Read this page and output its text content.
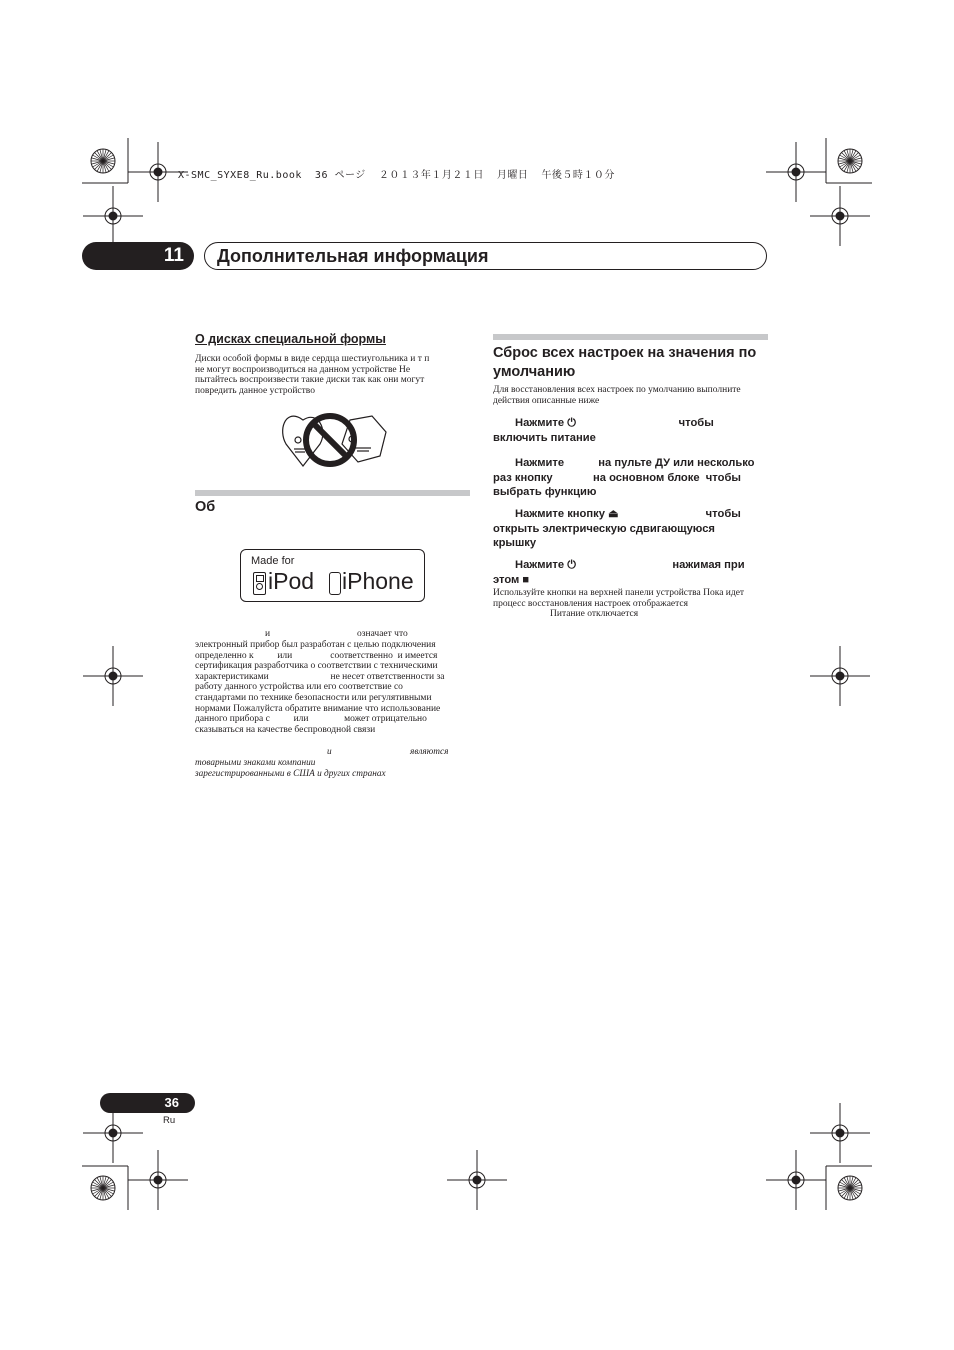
X-SMC_SYXE8_Ru.book  36 ページ  ２０１３年１月２１日  月曜日  午後５時１０分
11	Дополнительная информация
О дисках специальной формы
Диски особой формы в виде сердца шестиугольника и т п
не могут воспроизводиться на данном устройстве Не
пытайтесь воспроизвести такие диски так как они могут
повредить данное устройство
Об
Made for
iPod iPhone
и	означает что
электронный прибор был разработан с целью подключения
определенно к          или                соответственно  и имеется
сертификация разработчика о соответствии с техническими
характеристиками                          не несет ответственности за
работу данного устройства или его соответствие со
стандартами по технике безопасности или регулятивными
нормами Пожалуйста обратите внимание что использование
данного прибора с          или               может отрицательно
сказываться на качестве беспроводной связи
и	являются
товарными знаками компании
зарегистрированными в США и других странах
Сброс всех настроек на значения по
умолчанию
Для восстановления всех настроек по умолчанию выполните
действия описанные ниже
Нажмите ⏻                                 чтобы
включить питание
Нажмите           на пульте ДУ или несколько
раз кнопку             на основном блоке  чтобы
выбрать функцию
Нажмите кнопку ⏏                            чтобы
открыть электрическую сдвигающуюся
крышку
Нажмите ⏻                               нажимая при
этом ■
Используйте кнопки на верхней панели устройства Пока идет
процесс восстановления настроек отображается
Питание отключается
36
Ru
